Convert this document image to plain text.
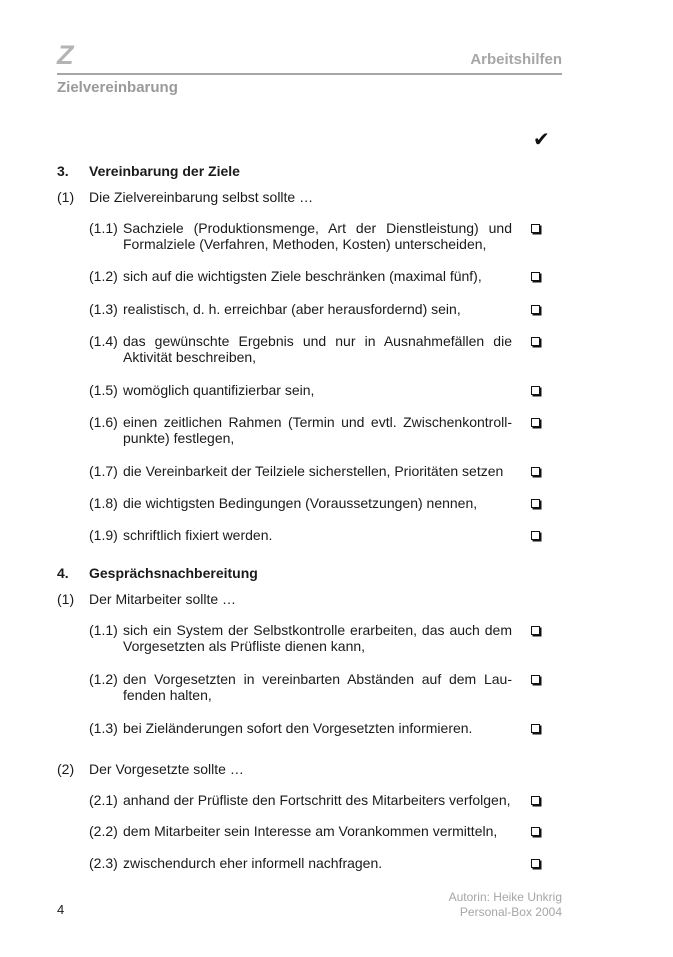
Z	Arbeitshilfen
Zielvereinbarung
✔
3. Vereinbarung der Ziele
(1) Die Zielvereinbarung selbst sollte …
(1.1) Sachziele (Produktionsmenge, Art der Dienstleistung) und Formalziele (Verfahren, Methoden, Kosten) unterscheiden,
(1.2) sich auf die wichtigsten Ziele beschränken (maximal fünf),
(1.3) realistisch, d. h. erreichbar (aber herausfordernd) sein,
(1.4) das gewünschte Ergebnis und nur in Ausnahmefällen die Aktivität beschreiben,
(1.5) womöglich quantifizierbar sein,
(1.6) einen zeitlichen Rahmen (Termin und evtl. Zwischenkontroll- punkte) festlegen,
(1.7) die Vereinbarkeit der Teilziele sicherstellen, Prioritäten setzen
(1.8) die wichtigsten Bedingungen (Voraussetzungen) nennen,
(1.9) schriftlich fixiert werden.
4. Gesprächsnachbereitung
(1) Der Mitarbeiter sollte …
(1.1) sich ein System der Selbstkontrolle erarbeiten, das auch dem Vorgesetzten als Prüfliste dienen kann,
(1.2) den Vorgesetzten in vereinbarten Abständen auf dem Lau- fenden halten,
(1.3) bei Zieländerungen sofort den Vorgesetzten informieren.
(2) Der Vorgesetzte sollte …
(2.1) anhand der Prüfliste den Fortschritt des Mitarbeiters verfolgen,
(2.2) dem Mitarbeiter sein Interesse am Vorankommen vermitteln,
(2.3) zwischendurch eher informell nachfragen.
4
Autorin: Heike Unkrig
Personal-Box 2004
